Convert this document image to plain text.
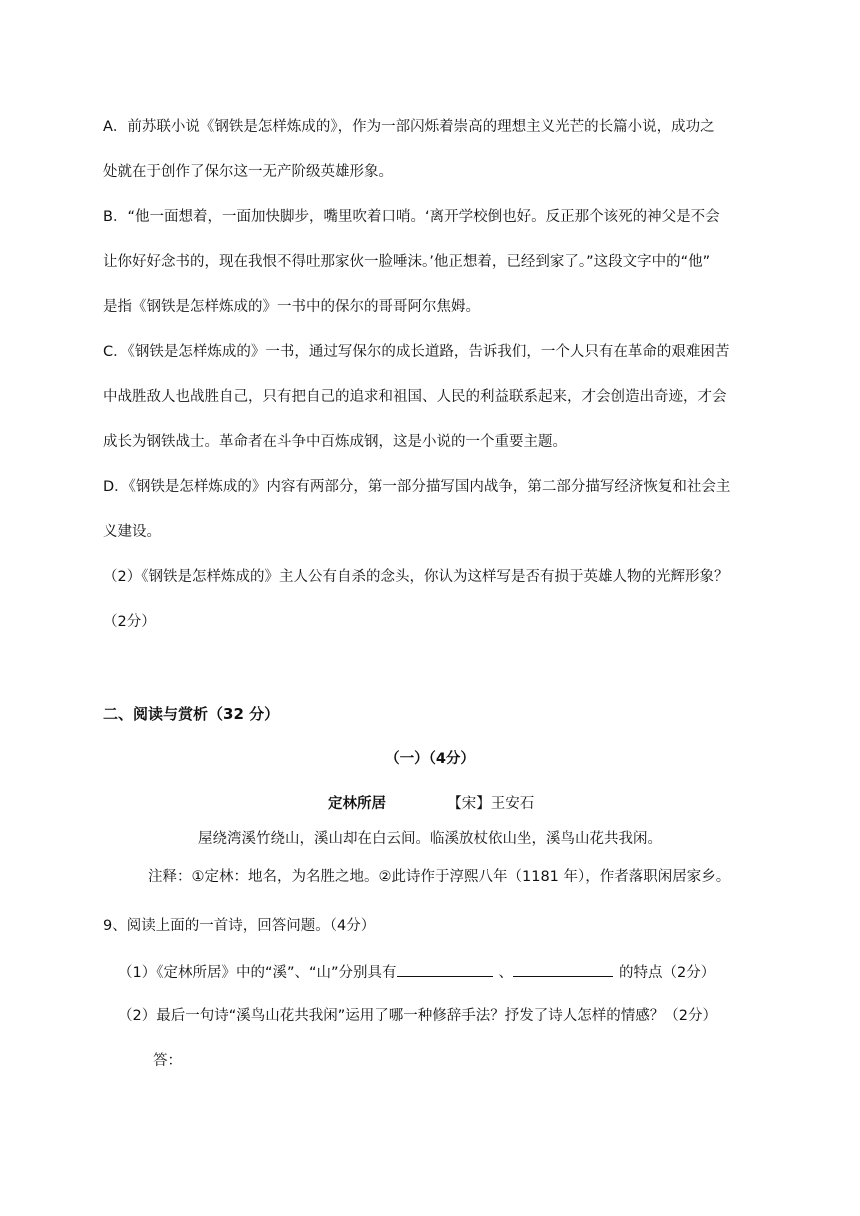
A．前苏联小说《钢铁是怎样炼成的》，作为一部闪烁着崇高的理想主义光芒的长篇小说，成功之
处就在于创作了保尔这一无产阶级英雄形象。
B．“他一面想着，一面加快脚步，嘴里吹着口哨。‘离开学校倒也好。反正那个该死的神父是不会
让你好好念书的，现在我恨不得吐那家伙一脸唾沫。’他正想着，已经到家了。”这段文字中的“他”
是指《钢铁是怎样炼成的》一书中的保尔的哥哥阿尔焦姆。
C．《钢铁是怎样炼成的》一书，通过写保尔的成长道路，告诉我们，一个人只有在革命的艰难困苦
中战胜敌人也战胜自己，只有把自己的追求和祖国、人民的利益联系起来，才会创造出奇迹，才会
成长为钢铁战士。革命者在斗争中百炼成钢，这是小说的一个重要主题。
D．《钢铁是怎样炼成的》内容有两部分，第一部分描写国内战争，第二部分描写经济恢复和社会主
义建设。
（2）《钢铁是怎样炼成的》主人公有自杀的念头，你认为这样写是否有损于英雄人物的光辉形象？
（2分）
二、阅读与赏析（32 分）
（一）（4分）
定林所居	【宋】王安石
屋绕湾溪竹绕山，溪山却在白云间。临溪放杖依山坐，溪鸟山花共我闲。
注释：①定林：地名，为名胜之地。②此诗作于淳熙八年（1181 年），作者落职闲居家乡。
9、阅读上面的一首诗，回答问题。（4分）
（1）《定林所居》中的“溪”、“山”分别具有	、	的特点（2分）
（2）最后一句诗“溪鸟山花共我闲”运用了哪一种修辞手法？抒发了诗人怎样的情感？（2分）
答：
